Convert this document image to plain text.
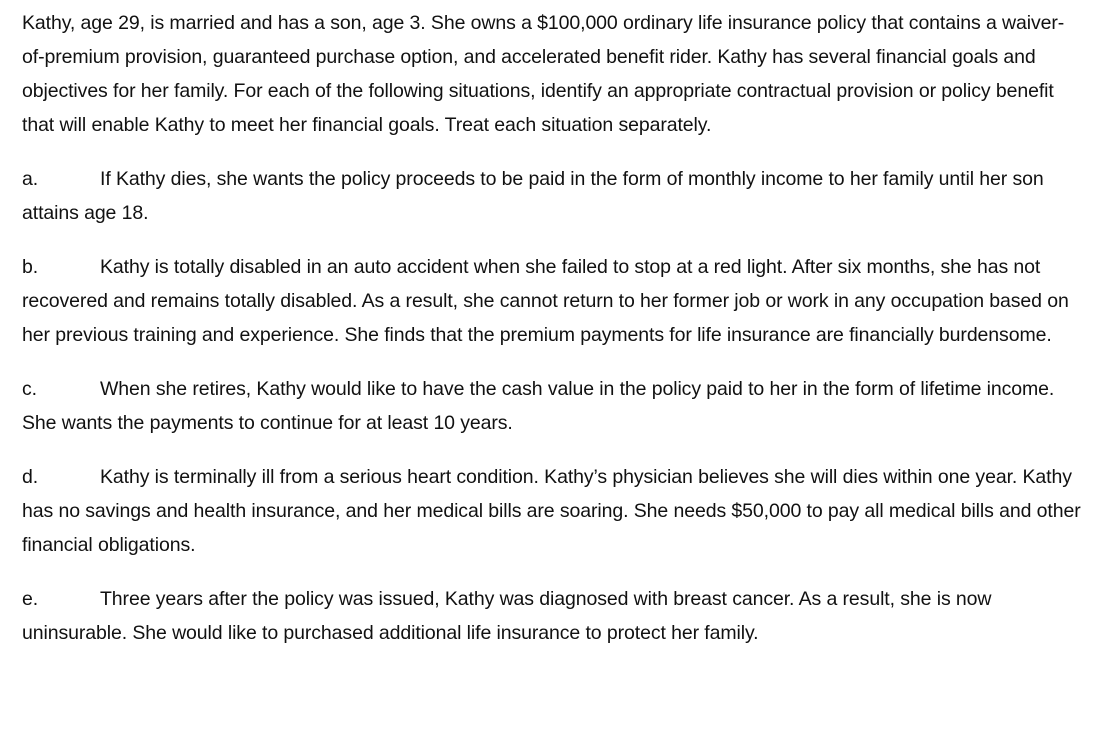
Kathy, age 29, is married and has a son, age 3. She owns a $100,000 ordinary life insurance policy that contains a waiver-of-premium provision, guaranteed purchase option, and accelerated benefit rider. Kathy has several financial goals and objectives for her family. For each of the following situations, identify an appropriate contractual provision or policy benefit that will enable Kathy to meet her financial goals. Treat each situation separately.

a.	If Kathy dies, she wants the policy proceeds to be paid in the form of monthly income to her family until her son attains age 18.

b.	Kathy is totally disabled in an auto accident when she failed to stop at a red light. After six months, she has not recovered and remains totally disabled. As a result, she cannot return to her former job or work in any occupation based on her previous training and experience. She finds that the premium payments for life insurance are financially burdensome.

c.	When she retires, Kathy would like to have the cash value in the policy paid to her in the form of lifetime income. She wants the payments to continue for at least 10 years.

d.	Kathy is terminally ill from a serious heart condition. Kathy’s physician believes she will dies within one year. Kathy has no savings and health insurance, and her medical bills are soaring. She needs $50,000 to pay all medical bills and other financial obligations.

e.	Three years after the policy was issued, Kathy was diagnosed with breast cancer. As a result, she is now uninsurable. She would like to purchased additional life insurance to protect her family.
